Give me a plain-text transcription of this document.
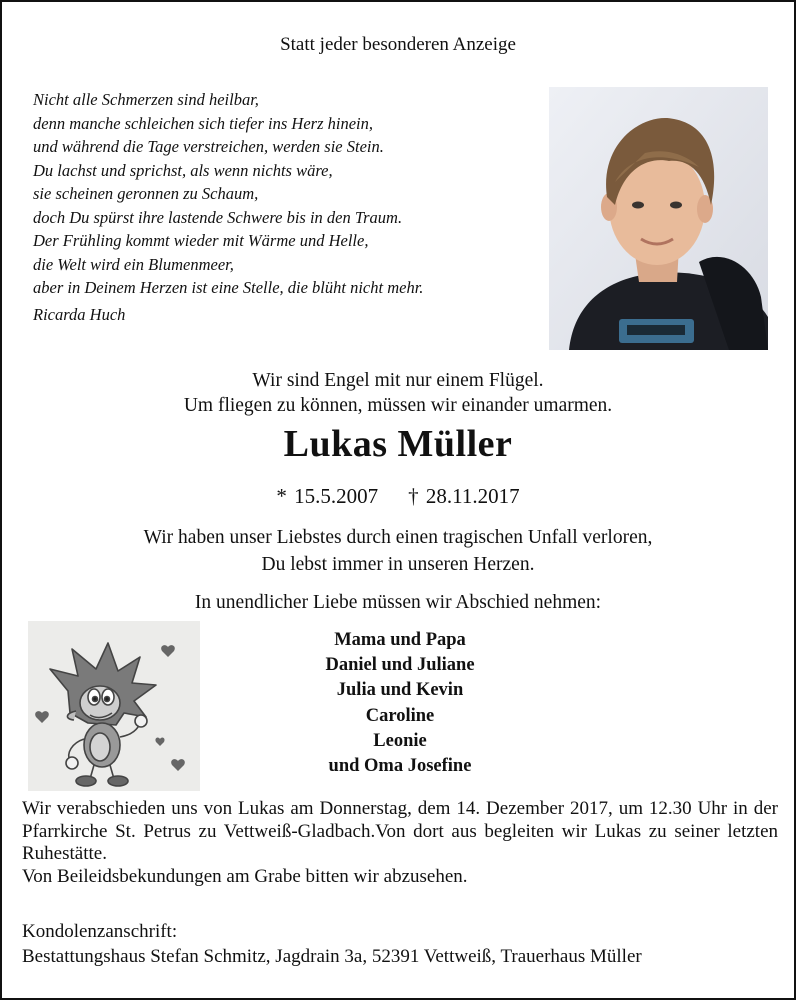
Statt jeder besonderen Anzeige
Nicht alle Schmerzen sind heilbar,
denn manche schleichen sich tiefer ins Herz hinein,
und während die Tage verstreichen, werden sie Stein.
Du lachst und sprichst, als wenn nichts wäre,
sie scheinen geronnen zu Schaum,
doch Du spürst ihre lastende Schwere bis in den Traum.
Der Frühling kommt wieder mit Wärme und Helle,
die Welt wird ein Blumenmeer,
aber in Deinem Herzen ist eine Stelle, die blüht nicht mehr.
Ricarda Huch
Wir sind Engel mit nur einem Flügel.
Um fliegen zu können, müssen wir einander umarmen.
Lukas Müller
* 15.5.2007 † 28.11.2017
Wir haben unser Liebstes durch einen tragischen Unfall verloren,
Du lebst immer in unseren Herzen.
In unendlicher Liebe müssen wir Abschied nehmen:
Mama und Papa
Daniel und Juliane
Julia und Kevin
Caroline
Leonie
und Oma Josefine

Wir verabschieden uns von Lukas am Donnerstag, dem 14. Dezember 2017, um 12.30 Uhr in der Pfarrkirche St. Petrus zu Vettweiß-Gladbach.Von dort aus begleiten wir Lukas zu seiner letzten Ruhestätte.

Von Beileidsbekundungen am Grabe bitten wir abzusehen.

Kondolenzanschrift:
Bestattungshaus Stefan Schmitz, Jagdrain 3a, 52391 Vettweiß, Trauerhaus Müller
